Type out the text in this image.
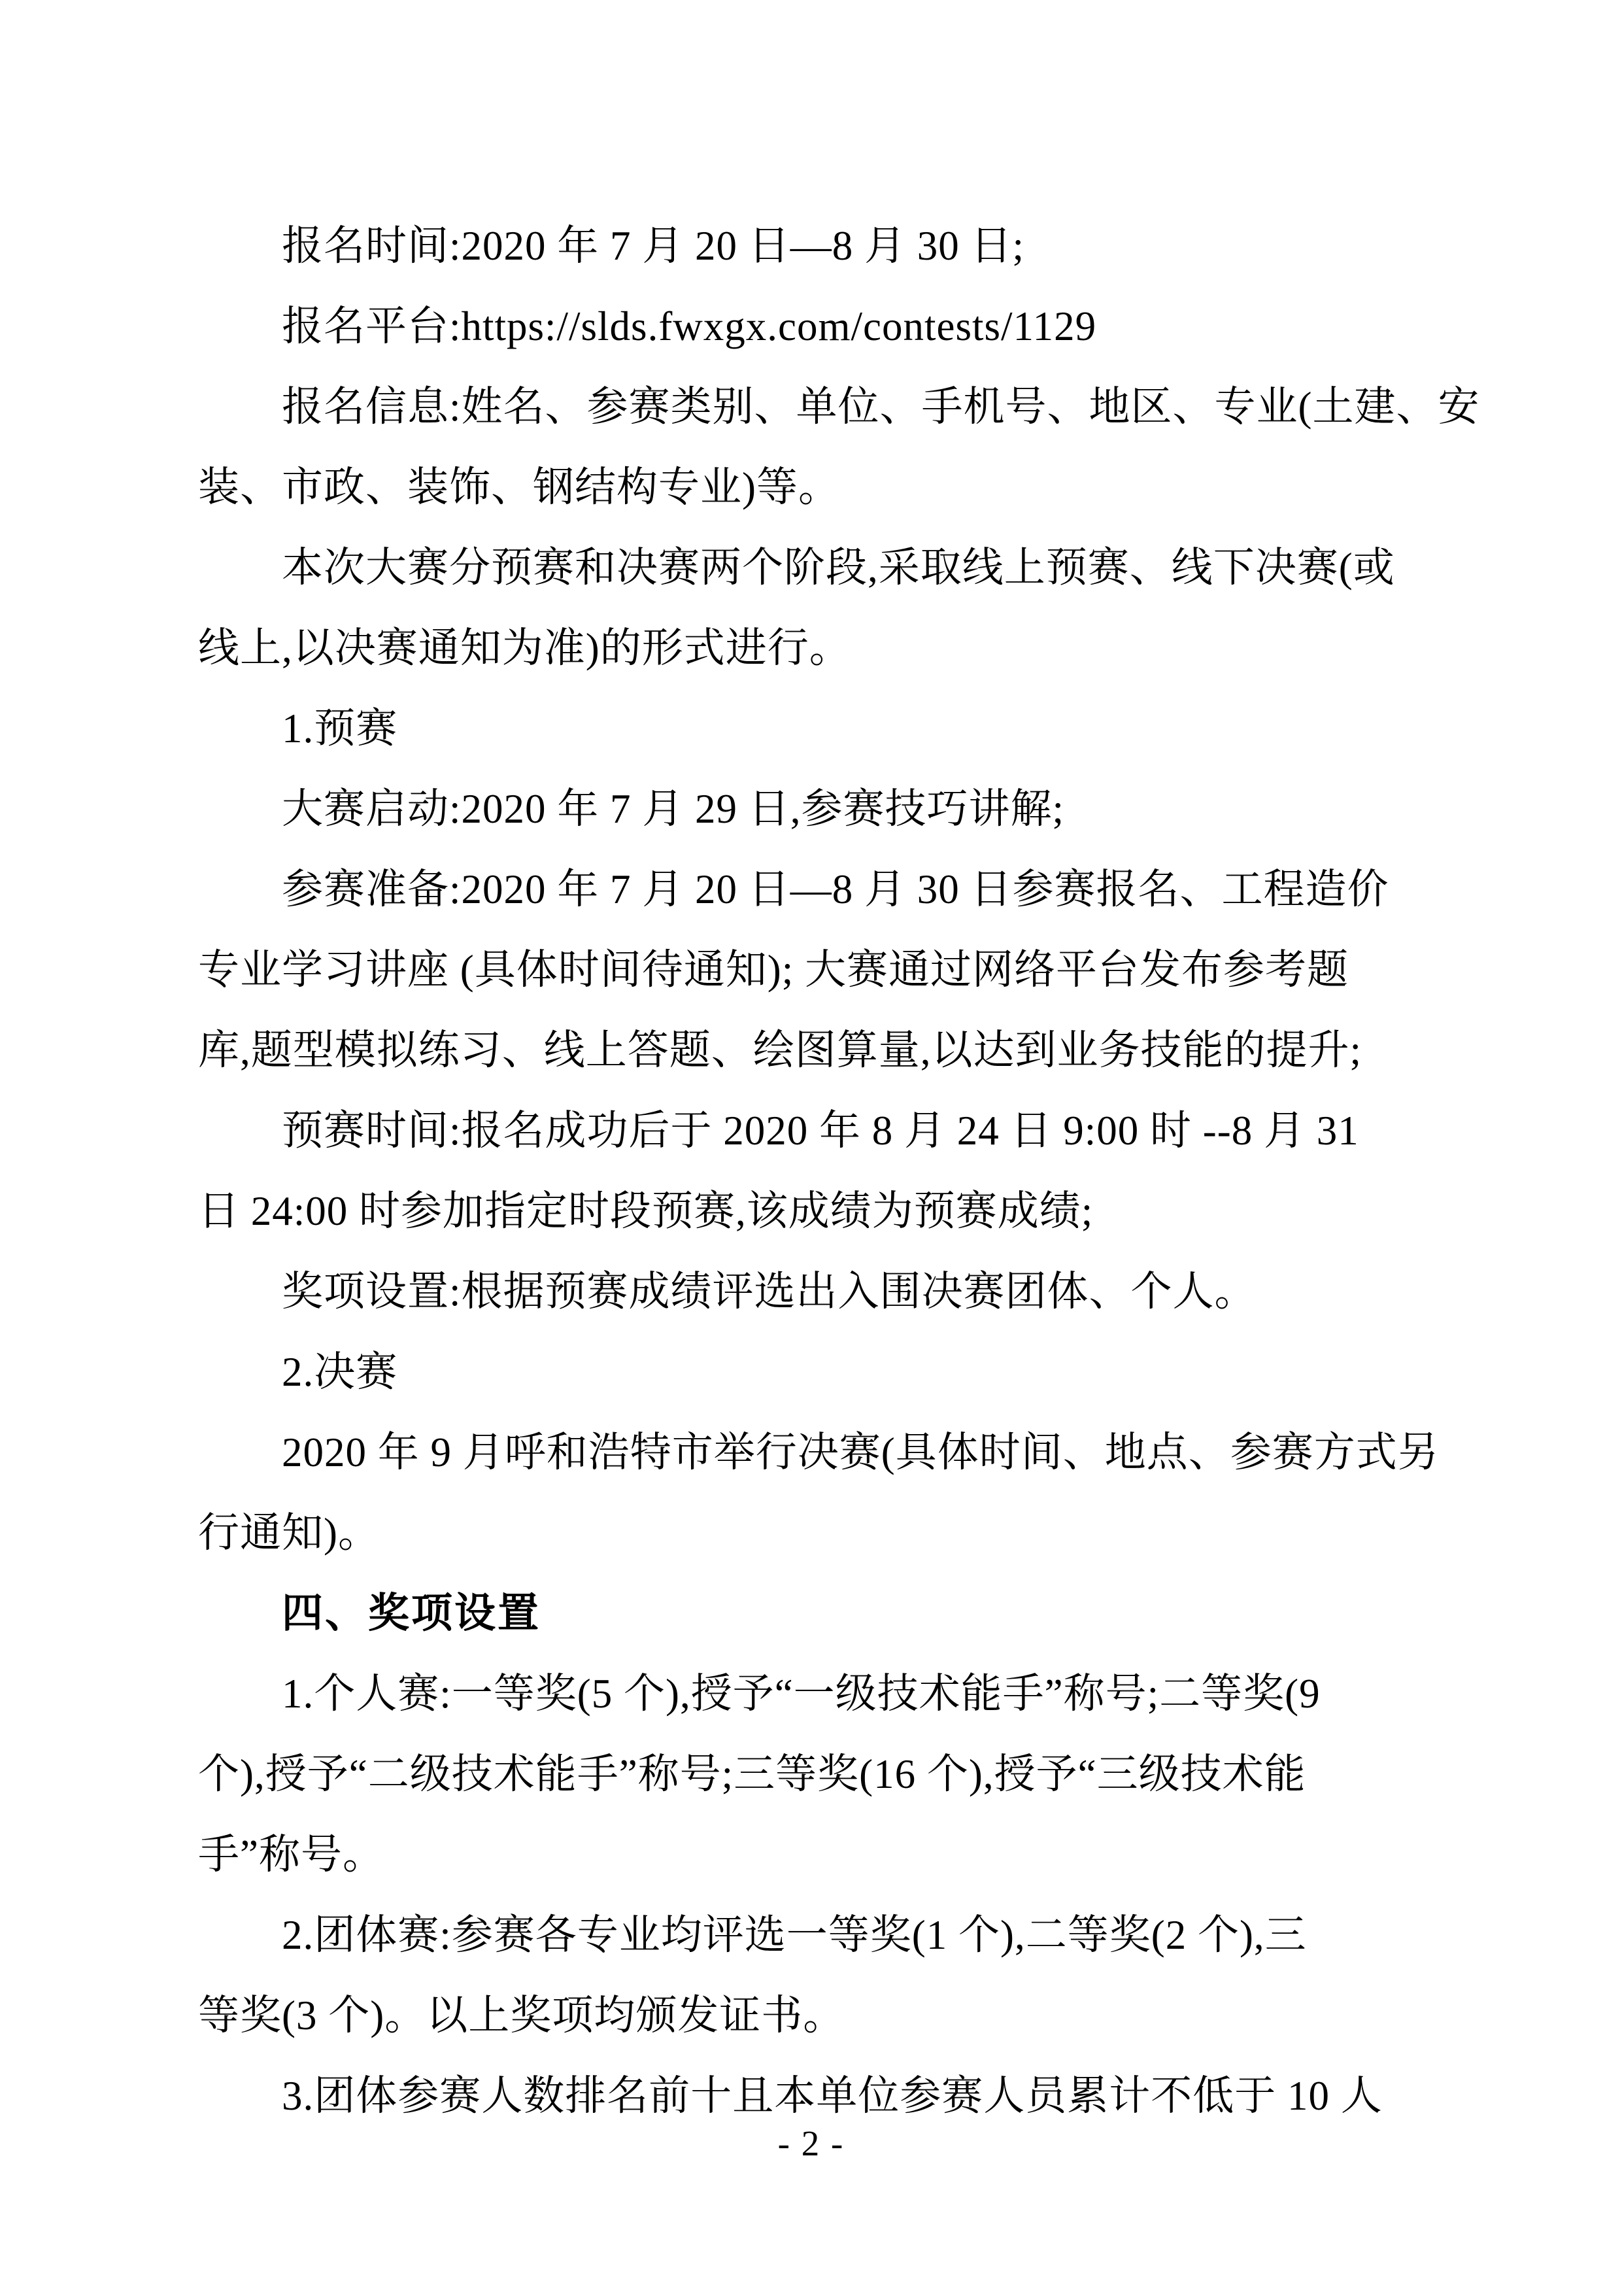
报名时间:2020 年 7 月 20 日—8 月 30 日;

报名平台:https://slds.fwxgx.com/contests/1129

报名信息:姓名、参赛类别、单位、手机号、地区、专业(土建、安

装、市政、装饰、钢结构专业)等。

本次大赛分预赛和决赛两个阶段,采取线上预赛、线下决赛(或

线上,以决赛通知为准)的形式进行。

1.预赛

大赛启动:2020 年 7 月 29 日,参赛技巧讲解;

参赛准备:2020 年 7 月 20 日—8 月 30 日参赛报名、工程造价

专业学习讲座 (具体时间待通知); 大赛通过网络平台发布参考题

库,题型模拟练习、线上答题、绘图算量,以达到业务技能的提升;

预赛时间:报名成功后于 2020 年 8 月 24 日 9:00 时 --8 月 31

日 24:00 时参加指定时段预赛,该成绩为预赛成绩;

奖项设置:根据预赛成绩评选出入围决赛团体、个人。

2.决赛

2020 年 9 月呼和浩特市举行决赛(具体时间、地点、参赛方式另

行通知)。

四、奖项设置

1.个人赛:一等奖(5 个),授予“一级技术能手”称号;二等奖(9

个),授予“二级技术能手”称号;三等奖(16 个),授予“三级技术能

手”称号。

2.团体赛:参赛各专业均评选一等奖(1 个),二等奖(2 个),三

等奖(3 个)。以上奖项均颁发证书。

3.团体参赛人数排名前十且本单位参赛人员累计不低于 10 人

- 2 -
